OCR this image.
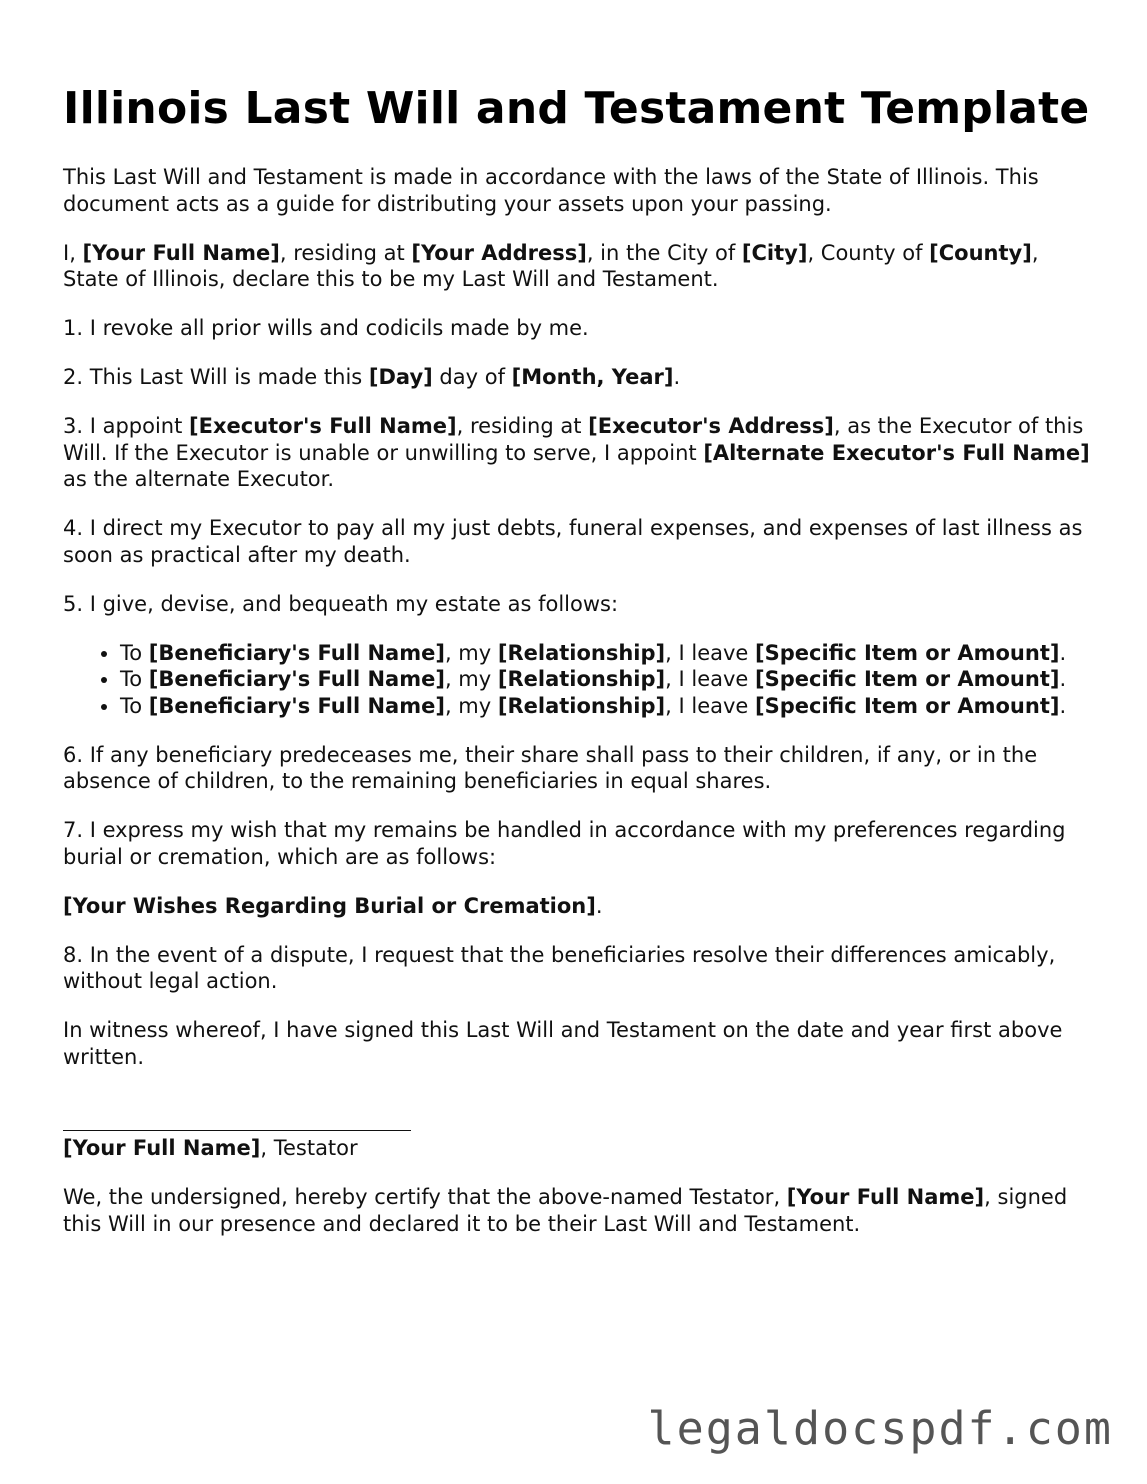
Illinois Last Will and Testament Template

This Last Will and Testament is made in accordance with the laws of the State of Illinois. This document acts as a guide for distributing your assets upon your passing.

I, [Your Full Name], residing at [Your Address], in the City of [City], County of [County], State of Illinois, declare this to be my Last Will and Testament.

1. I revoke all prior wills and codicils made by me.

2. This Last Will is made this [Day] day of [Month, Year].

3. I appoint [Executor's Full Name], residing at [Executor's Address], as the Executor of this Will. If the Executor is unable or unwilling to serve, I appoint [Alternate Executor's Full Name] as the alternate Executor.

4. I direct my Executor to pay all my just debts, funeral expenses, and expenses of last illness as soon as practical after my death.

5. I give, devise, and bequeath my estate as follows:

• To [Beneficiary's Full Name], my [Relationship], I leave [Specific Item or Amount].
• To [Beneficiary's Full Name], my [Relationship], I leave [Specific Item or Amount].
• To [Beneficiary's Full Name], my [Relationship], I leave [Specific Item or Amount].

6. If any beneficiary predeceases me, their share shall pass to their children, if any, or in the absence of children, to the remaining beneficiaries in equal shares.

7. I express my wish that my remains be handled in accordance with my preferences regarding burial or cremation, which are as follows:

[Your Wishes Regarding Burial or Cremation].

8. In the event of a dispute, I request that the beneficiaries resolve their differences amicably, without legal action.

In witness whereof, I have signed this Last Will and Testament on the date and year first above written.

[Your Full Name], Testator

We, the undersigned, hereby certify that the above-named Testator, [Your Full Name], signed this Will in our presence and declared it to be their Last Will and Testament.

legaldocspdf.com
